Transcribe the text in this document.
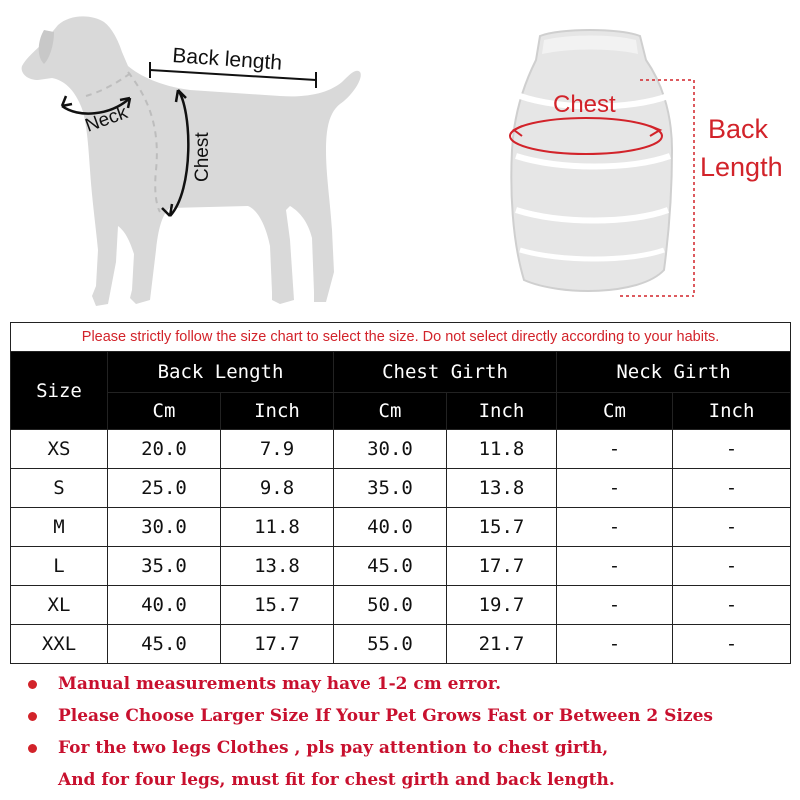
Back length
Neck
Chest
Chest
Back
Length
Please strictly follow the size chart to select the size. Do not select directly according to your habits.						
Size	Back Length		Chest Girth		Neck Girth	
	Cm	Inch	Cm	Inch	Cm	Inch
XS	20.0	7.9	30.0	11.8	-	-
S	25.0	9.8	35.0	13.8	-	-
M	30.0	11.8	40.0	15.7	-	-
L	35.0	13.8	45.0	17.7	-	-
XL	40.0	15.7	50.0	19.7	-	-
XXL	45.0	17.7	55.0	21.7	-	-
Manual measurements may have 1-2 cm error.
Please Choose Larger Size If Your Pet Grows Fast or Between 2 Sizes
For the two legs Clothes , pls pay attention to chest girth,
And for four legs, must fit for chest girth and back length.
